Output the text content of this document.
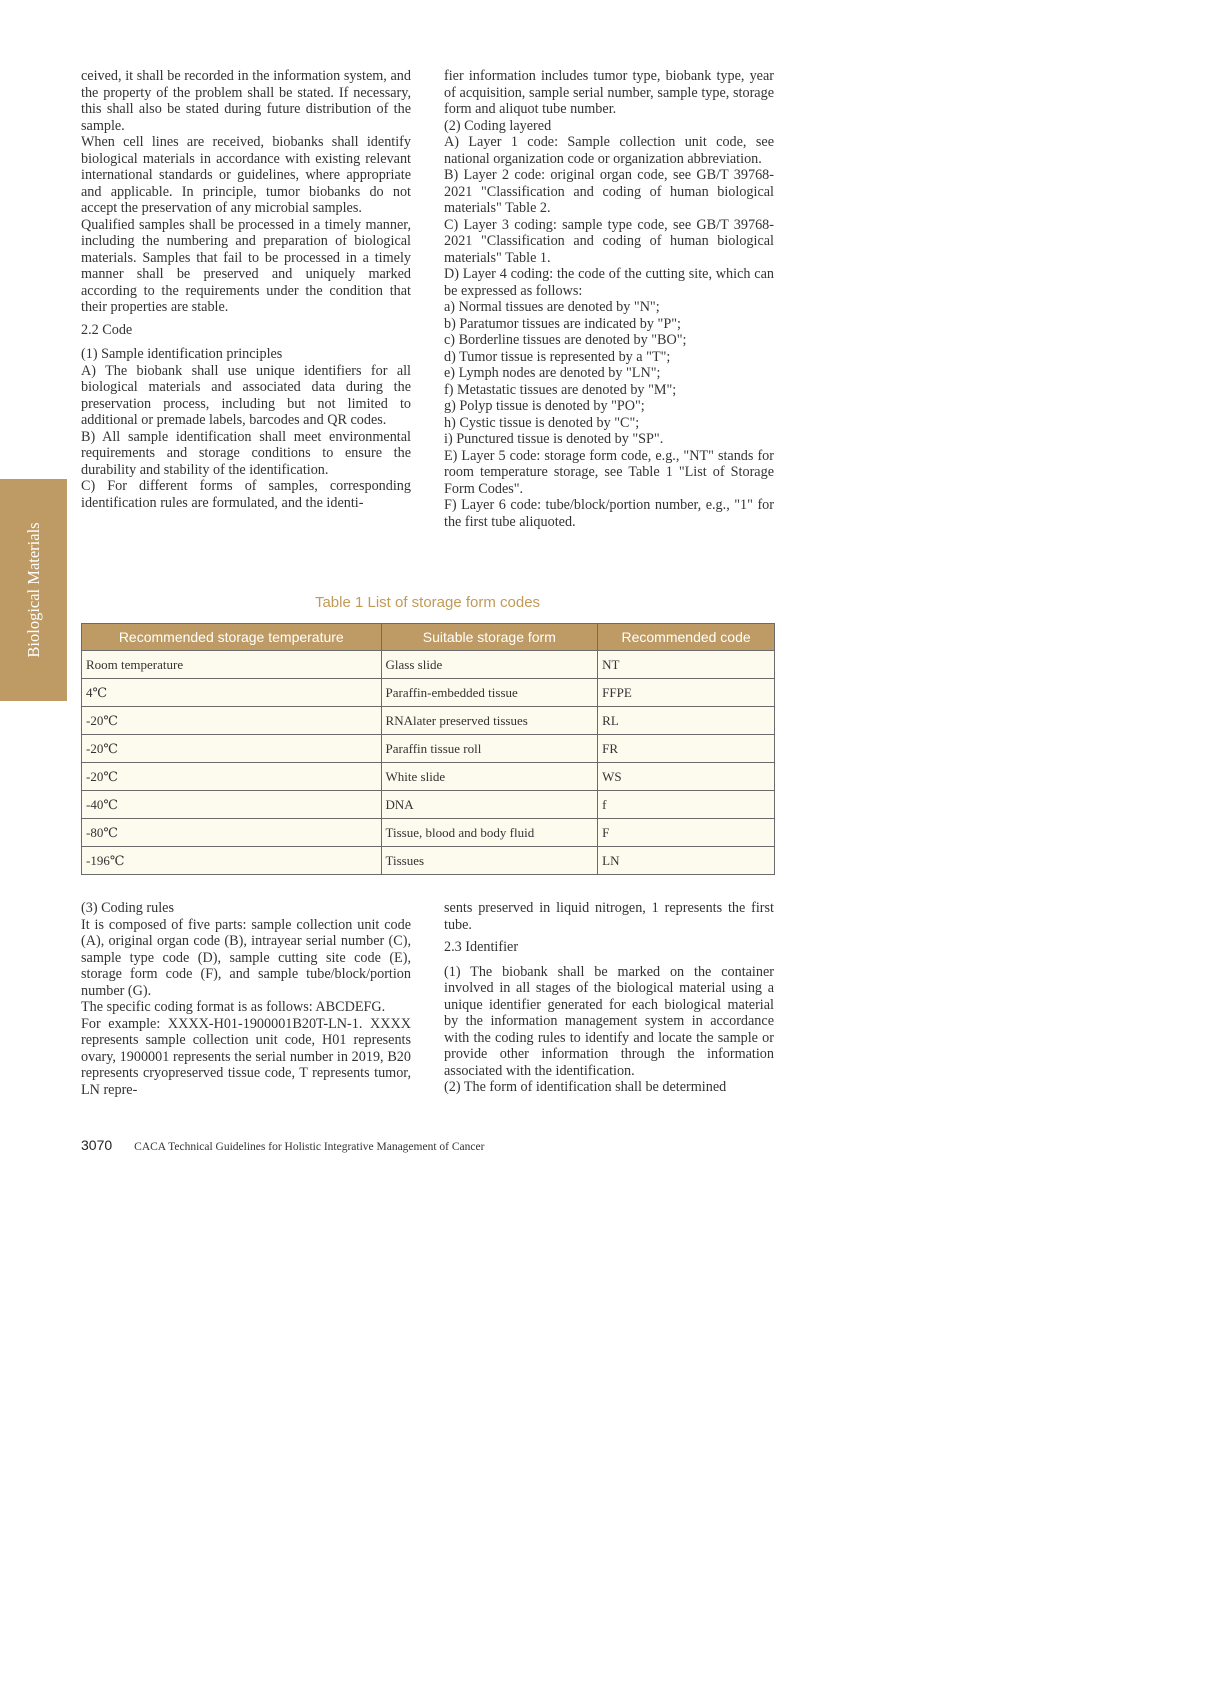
Biological Materials

ceived, it shall be recorded in the information system, and the property of the problem shall be stated. If necessary, this shall also be stated during future distribution of the sample.

When cell lines are received, biobanks shall identify biological materials in accordance with existing relevant international standards or guidelines, where appropriate and applicable. In principle, tumor biobanks do not accept the preservation of any microbial samples.

Qualified samples shall be processed in a timely manner, including the numbering and preparation of biological materials. Samples that fail to be processed in a timely manner shall be preserved and uniquely marked according to the requirements under the condition that their properties are stable.

2.2 Code

(1) Sample identification principles

A) The biobank shall use unique identifiers for all biological materials and associated data during the preservation process, including but not limited to additional or premade labels, barcodes and QR codes.

B) All sample identification shall meet environmental requirements and storage conditions to ensure the durability and stability of the identification.

C) For different forms of samples, corresponding identification rules are formulated, and the identi-

fier information includes tumor type, biobank type, year of acquisition, sample serial number, sample type, storage form and aliquot tube number.

(2) Coding layered

A) Layer 1 code: Sample collection unit code, see national organization code or organization abbreviation.

B) Layer 2 code: original organ code, see GB/T 39768-2021 "Classification and coding of human biological materials" Table 2.

C) Layer 3 coding: sample type code, see GB/T 39768-2021 "Classification and coding of human biological materials" Table 1.

D) Layer 4 coding: the code of the cutting site, which can be expressed as follows:

a) Normal tissues are denoted by "N";

b) Paratumor tissues are indicated by "P";

c) Borderline tissues are denoted by "BO";

d) Tumor tissue is represented by a "T";

e) Lymph nodes are denoted by "LN";

f) Metastatic tissues are denoted by "M";

g) Polyp tissue is denoted by "PO";

h) Cystic tissue is denoted by "C";

i) Punctured tissue is denoted by "SP".

E) Layer 5 code: storage form code, e.g., "NT" stands for room temperature storage, see Table 1 "List of Storage Form Codes".

F) Layer 6 code: tube/block/portion number, e.g., "1" for the first tube aliquoted.

Table 1 List of storage form codes
Recommended storage temperature	Suitable storage form	Recommended code
Room temperature	Glass slide	NT
4℃	Paraffin-embedded tissue	FFPE
-20℃	RNAlater preserved tissues	RL
-20℃	Paraffin tissue roll	FR
-20℃	White slide	WS
-40℃	DNA	f
-80℃	Tissue, blood and body fluid	F
-196℃	Tissues	LN

(3) Coding rules

It is composed of five parts: sample collection unit code (A), original organ code (B), intrayear serial number (C), sample type code (D), sample cutting site code (E), storage form code (F), and sample tube/block/portion number (G).

The specific coding format is as follows: ABCDEFG.

For example: XXXX-H01-1900001B20T-LN-1. XXXX represents sample collection unit code, H01 represents ovary, 1900001 represents the serial number in 2019, B20 represents cryopreserved tissue code, T represents tumor, LN repre-

sents preserved in liquid nitrogen, 1 represents the first tube.

2.3 Identifier

(1) The biobank shall be marked on the container involved in all stages of the biological material using a unique identifier generated for each biological material by the information management system in accordance with the coding rules to identify and locate the sample or provide other information through the information associated with the identification.

(2) The form of identification shall be determined

3070 CACA Technical Guidelines for Holistic Integrative Management of Cancer
